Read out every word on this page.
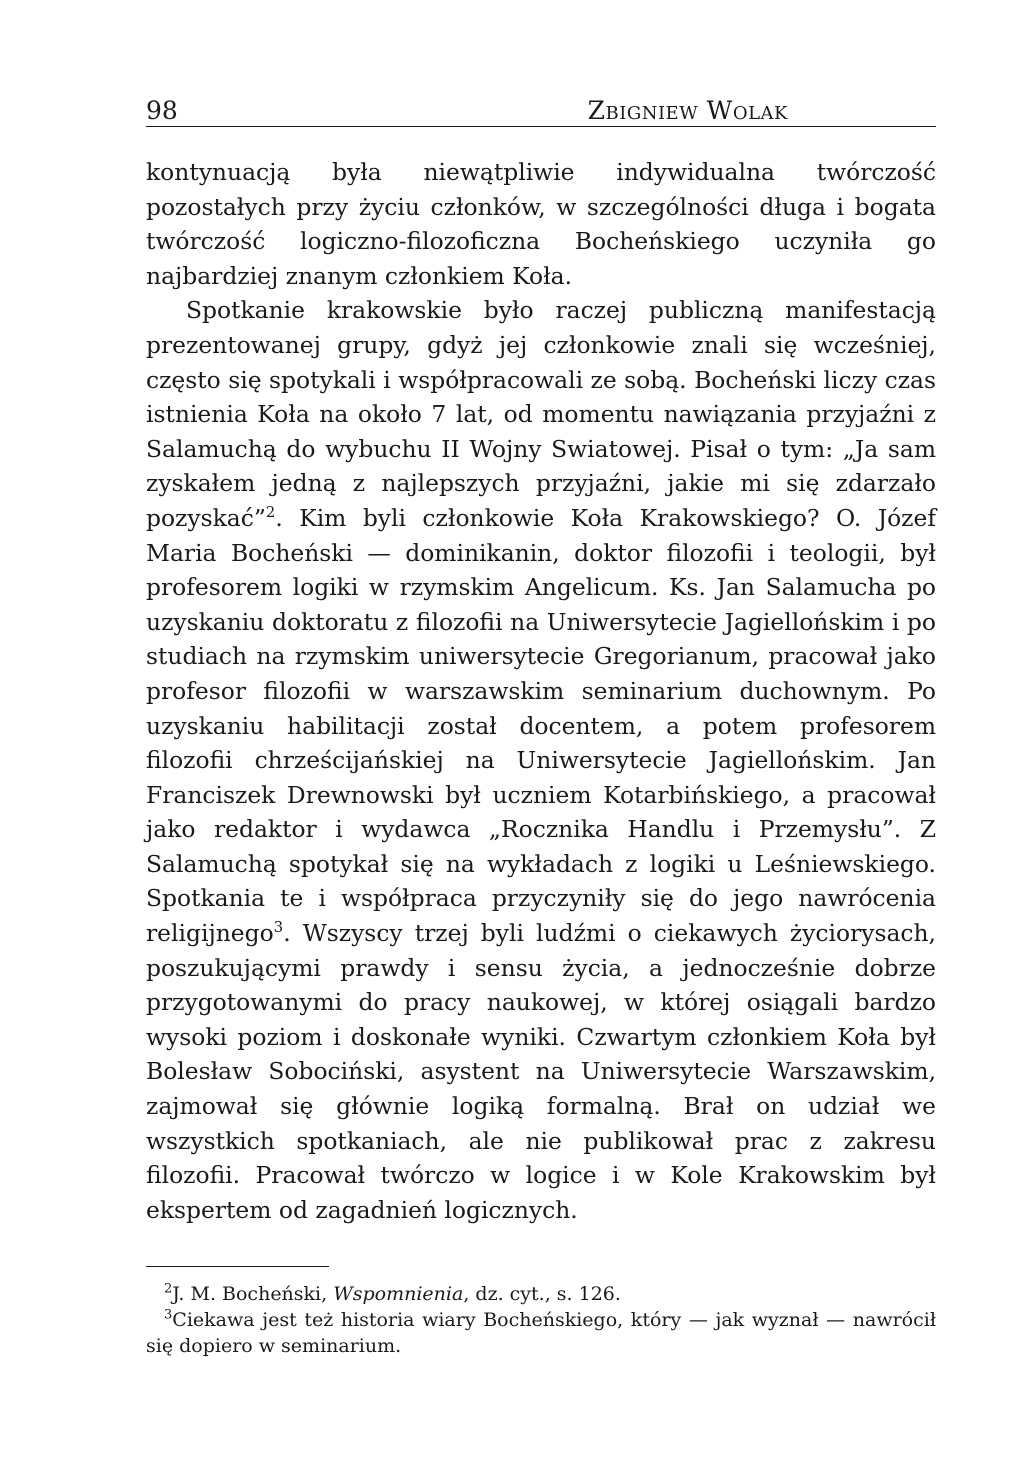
98	Zbigniew Wolak

kontynuacją była niewątpliwie indywidualna twórczość pozostałych przy życiu członków, w szczególności długa i bogata twórczość logiczno-filozoficzna Bocheńskiego uczyniła go najbardziej znanym członkiem Koła.

Spotkanie krakowskie było raczej publiczną manifestacją prezentowanej grupy, gdyż jej członkowie znali się wcześniej, często się spotykali i współpracowali ze sobą. Bocheński liczy czas istnienia Koła na około 7 lat, od momentu nawiązania przyjaźni z Salamuchą do wybuchu II Wojny Swiatowej. Pisał o tym: „Ja sam zyskałem jedną z najlepszych przyjaźni, jakie mi się zdarzało pozyskać”$^2$. Kim byli członkowie Koła Krakowskiego? O. Józef Maria Bocheński — dominikanin, doktor filozofii i teologii, był profesorem logiki w rzymskim Angelicum. Ks. Jan Salamucha po uzyskaniu doktoratu z filozofii na Uniwersytecie Jagiellońskim i po studiach na rzymskim uniwersytecie Gregorianum, pracował jako profesor filozofii w warszawskim seminarium duchownym. Po uzyskaniu habilitacji został docentem, a potem profesorem filozofii chrześcijańskiej na Uniwersytecie Jagiellońskim. Jan Franciszek Drewnowski był uczniem Kotarbińskiego, a pracował jako redaktor i wydawca „Rocznika Handlu i Przemysłu”. Z Salamuchą spotykał się na wykładach z logiki u Leśniewskiego. Spotkania te i współpraca przyczyniły się do jego nawrócenia religijnego$^3$. Wszyscy trzej byli ludźmi o ciekawych życiorysach, poszukującymi prawdy i sensu życia, a jednocześnie dobrze przygotowanymi do pracy naukowej, w której osiągali bardzo wysoki poziom i doskonałe wyniki. Czwartym członkiem Koła był Bolesław Sobociński, asystent na Uniwersytecie Warszawskim, zajmował się głównie logiką formalną. Brał on udział we wszystkich spotkaniach, ale nie publikował prac z zakresu filozofii. Pracował twórczo w logice i w Kole Krakowskim był ekspertem od zagadnień logicznych.

$^2$J. M. Bocheński, Wspomnienia, dz. cyt., s. 126.

$^3$Ciekawa jest też historia wiary Bocheńskiego, który — jak wyznał — nawrócił się dopiero w seminarium.
